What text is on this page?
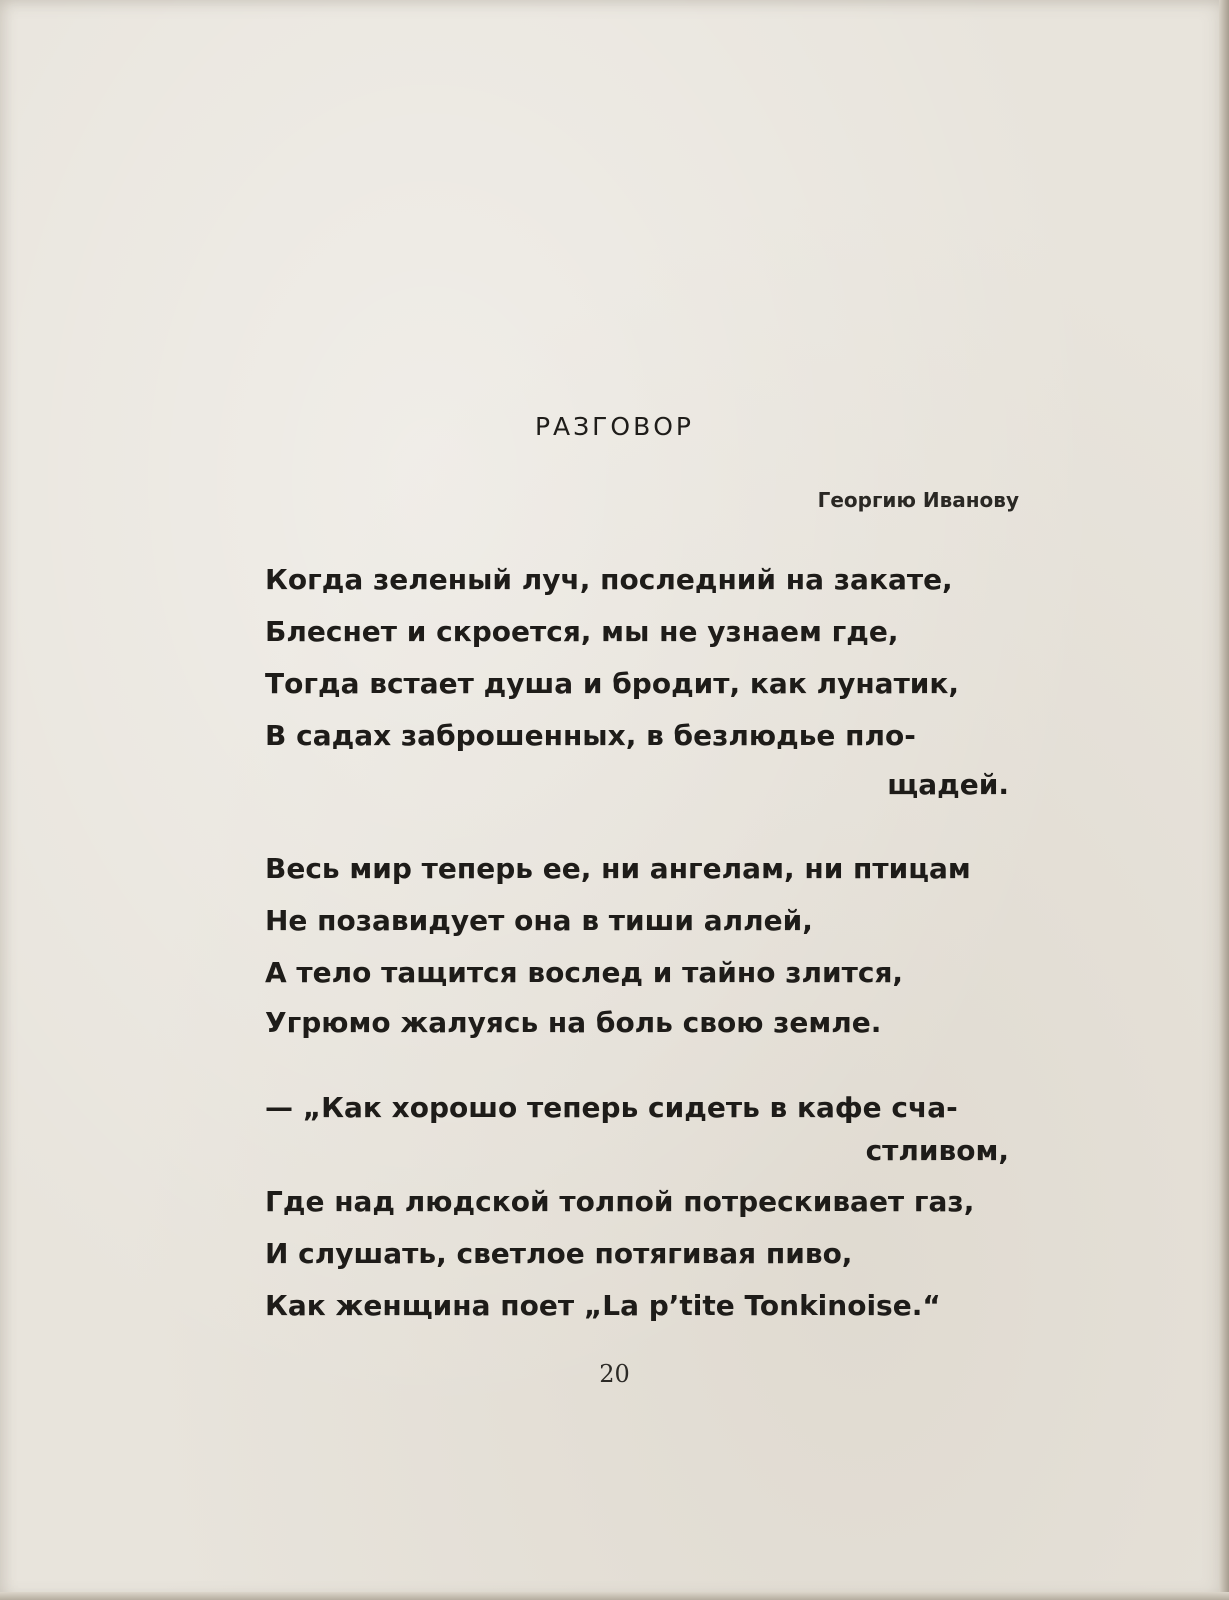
РАЗГОВОР
Георгию Иванову
Когда зеленый луч, последний на закате,
Блеснет и скроется, мы не узнаем где,
Тогда встает душа и бродит, как лунатик,
В садах заброшенных, в безлюдье пло-
щадей.
Весь мир теперь ее, ни ангелам, ни птицам
Не позавидует она в тиши аллей,
А тело тащится вослед и тайно злится,
Угрюмо жалуясь на боль свою земле.
— „Как хорошо теперь сидеть в кафе сча-
стливом,
Где над людской толпой потрескивает газ,
И слушать, светлое потягивая пиво,
Как женщина поет „La p’tite Tonkinoise.“
20
